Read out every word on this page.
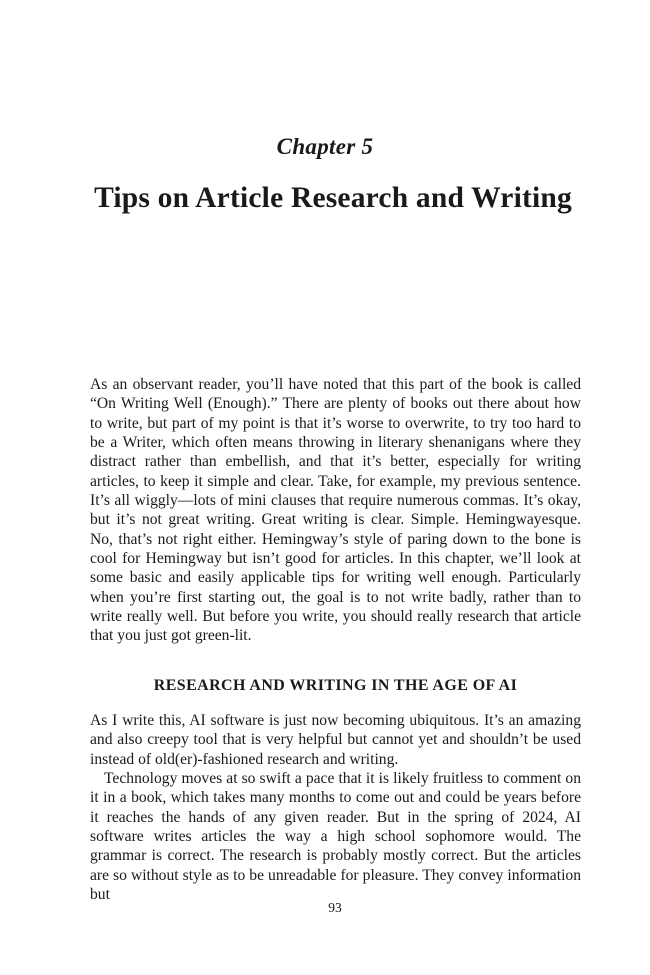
Chapter 5
Tips on Article Research and Writing

As an observant reader, you’ll have noted that this part of the book is called “On Writing Well (Enough).” There are plenty of books out there about how to write, but part of my point is that it’s worse to overwrite, to try too hard to be a Writer, which often means throwing in literary shenanigans where they distract rather than embellish, and that it’s better, especially for writing articles, to keep it simple and clear. Take, for example, my previous sentence. It’s all wiggly—lots of mini clauses that require numerous commas. It’s okay, but it’s not great writing. Great writing is clear. Simple. Hemingwayesque. No, that’s not right either. Hemingway’s style of paring down to the bone is cool for Hemingway but isn’t good for articles. In this chapter, we’ll look at some basic and easily applicable tips for writing well enough. Particularly when you’re first starting out, the goal is to not write badly, rather than to write really well. But before you write, you should really research that article that you just got green-lit.

RESEARCH AND WRITING IN THE AGE OF AI

As I write this, AI software is just now becoming ubiquitous. It’s an amazing and also creepy tool that is very helpful but cannot yet and shouldn’t be used instead of old(er)-fashioned research and writing.

Technology moves at so swift a pace that it is likely fruitless to comment on it in a book, which takes many months to come out and could be years before it reaches the hands of any given reader. But in the spring of 2024, AI software writes articles the way a high school sophomore would. The grammar is correct. The research is probably mostly correct. But the articles are so without style as to be unreadable for pleasure. They convey information but

93
